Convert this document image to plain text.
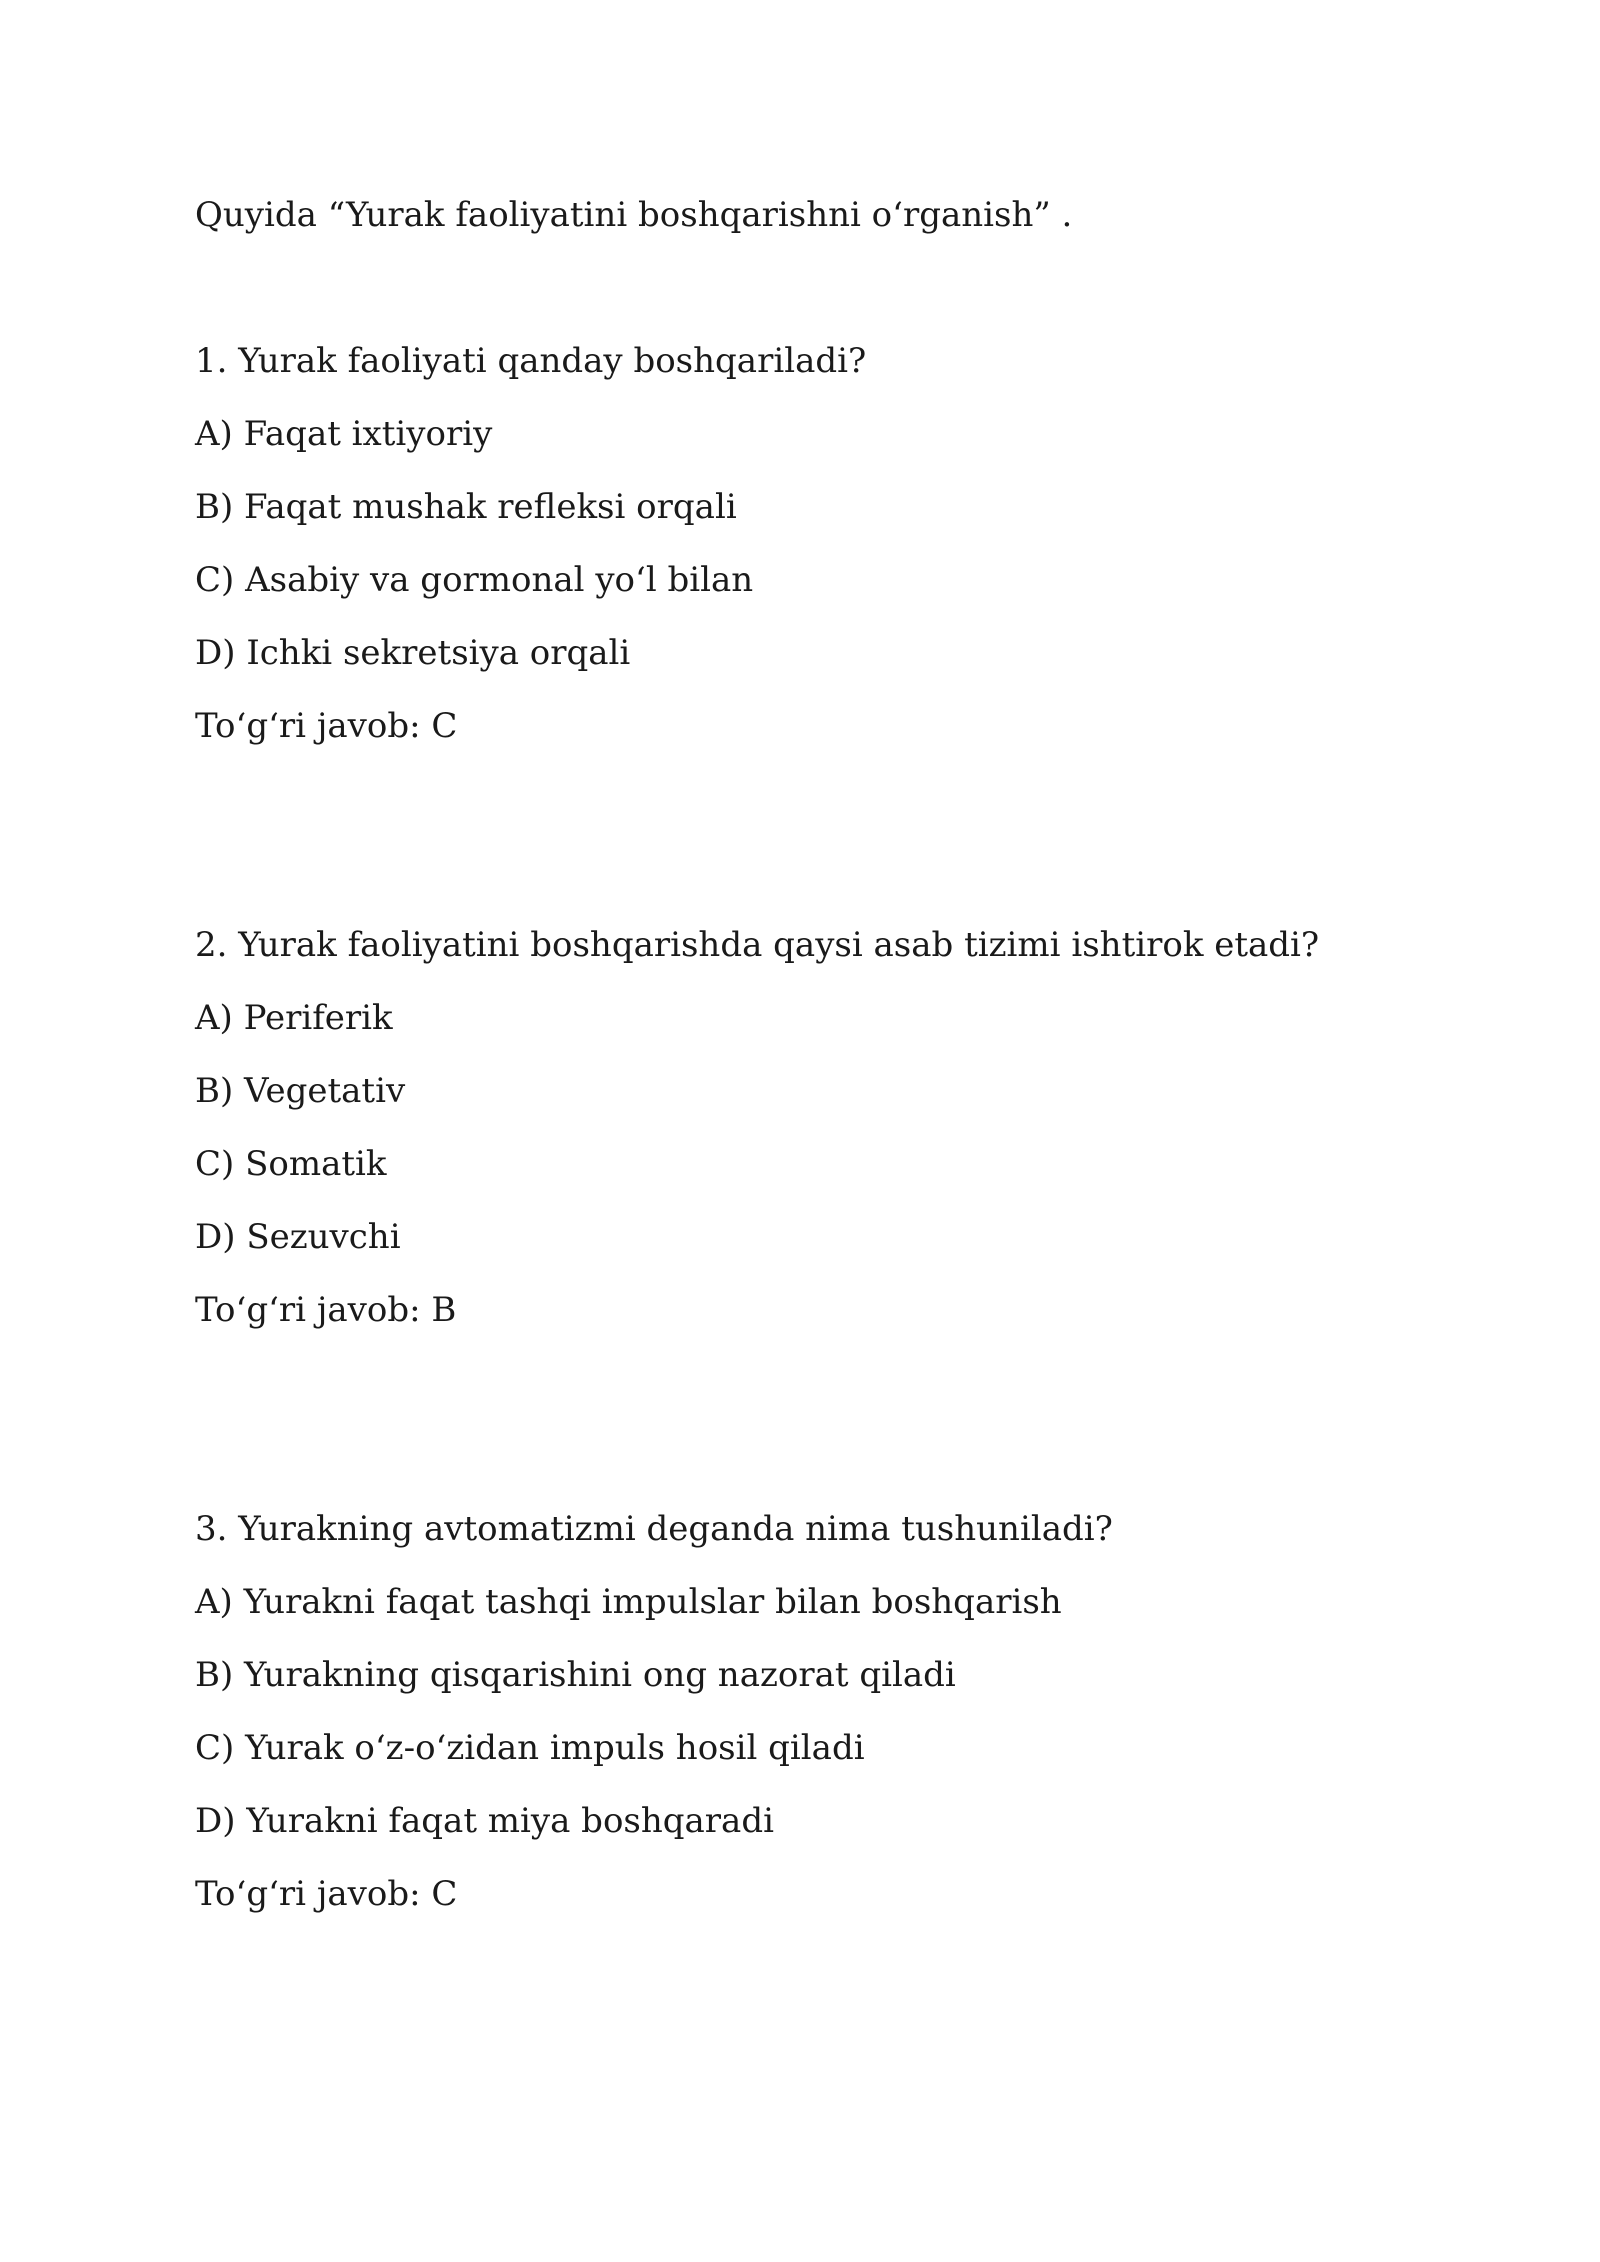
Quyida “Yurak faoliyatini boshqarishni o‘rganish” .

1. Yurak faoliyati qanday boshqariladi?

A) Faqat ixtiyoriy
B) Faqat mushak refleksi orqali
C) Asabiy va gormonal yo‘l bilan
D) Ichki sekretsiya orqali

To‘g‘ri javob: C

2. Yurak faoliyatini boshqarishda qaysi asab tizimi ishtirok etadi?

A) Periferik
B) Vegetativ
C) Somatik
D) Sezuvchi

To‘g‘ri javob: B

3. Yurakning avtomatizmi deganda nima tushuniladi?

A) Yurakni faqat tashqi impulslar bilan boshqarish
B) Yurakning qisqarishini ong nazorat qiladi
C) Yurak o‘z-o‘zidan impuls hosil qiladi
D) Yurakni faqat miya boshqaradi

To‘g‘ri javob: C
